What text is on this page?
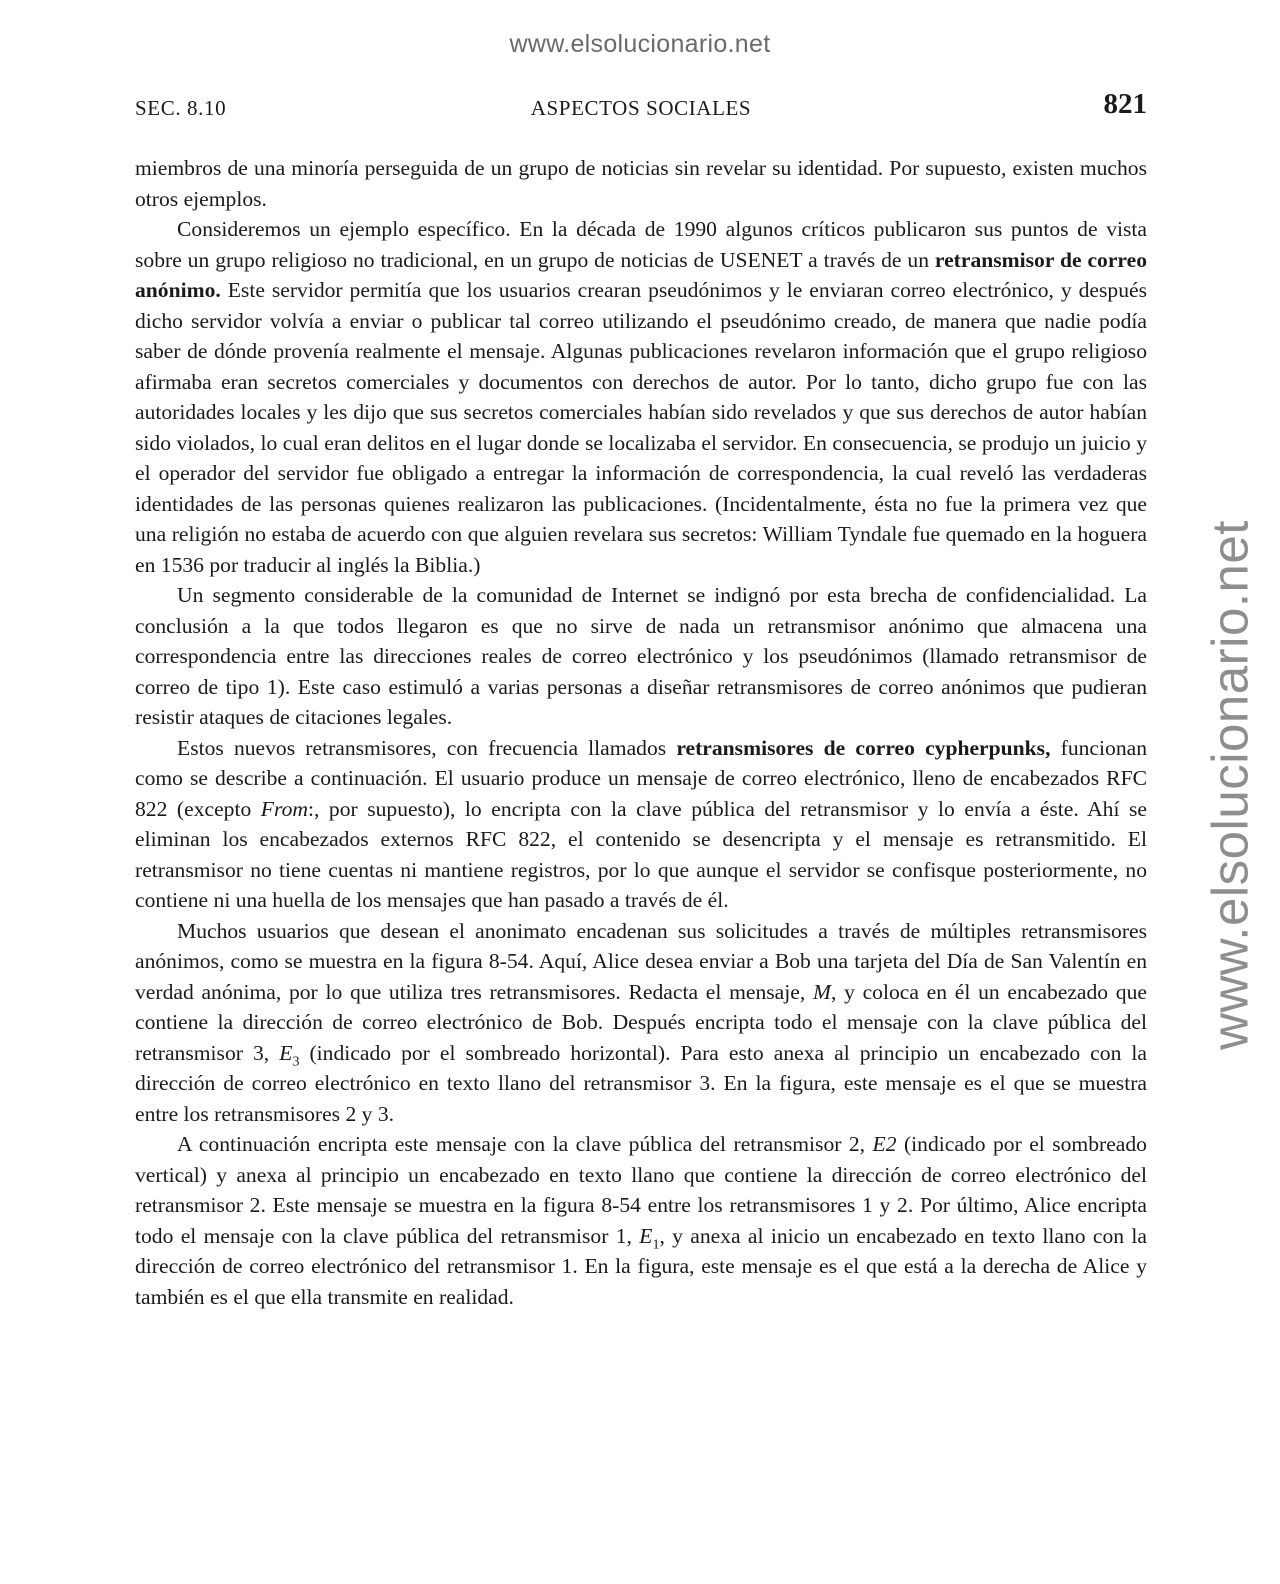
www.elsolucionario.net
www.elsolucionario.net
SEC. 8.10	ASPECTOS SOCIALES	821

miembros de una minoría perseguida de un grupo de noticias sin revelar su identidad. Por supuesto, existen muchos otros ejemplos.

Consideremos un ejemplo específico. En la década de 1990 algunos críticos publicaron sus puntos de vista sobre un grupo religioso no tradicional, en un grupo de noticias de USENET a través de un retransmisor de correo anónimo. Este servidor permitía que los usuarios crearan pseudónimos y le enviaran correo electrónico, y después dicho servidor volvía a enviar o publicar tal correo utilizando el pseudónimo creado, de manera que nadie podía saber de dónde provenía realmente el mensaje. Algunas publicaciones revelaron información que el grupo religioso afirmaba eran secretos comerciales y documentos con derechos de autor. Por lo tanto, dicho grupo fue con las autoridades locales y les dijo que sus secretos comerciales habían sido revelados y que sus derechos de autor habían sido violados, lo cual eran delitos en el lugar donde se localizaba el servidor. En consecuencia, se produjo un juicio y el operador del servidor fue obligado a entregar la información de correspondencia, la cual reveló las verdaderas identidades de las personas quienes realizaron las publicaciones. (Incidentalmente, ésta no fue la primera vez que una religión no estaba de acuerdo con que alguien revelara sus secretos: William Tyndale fue quemado en la hoguera en 1536 por traducir al inglés la Biblia.)

Un segmento considerable de la comunidad de Internet se indignó por esta brecha de confidencialidad. La conclusión a la que todos llegaron es que no sirve de nada un retransmisor anónimo que almacena una correspondencia entre las direcciones reales de correo electrónico y los pseudónimos (llamado retransmisor de correo de tipo 1). Este caso estimuló a varias personas a diseñar retransmisores de correo anónimos que pudieran resistir ataques de citaciones legales.

Estos nuevos retransmisores, con frecuencia llamados retransmisores de correo cypherpunks, funcionan como se describe a continuación. El usuario produce un mensaje de correo electrónico, lleno de encabezados RFC 822 (excepto From:, por supuesto), lo encripta con la clave pública del retransmisor y lo envía a éste. Ahí se eliminan los encabezados externos RFC 822, el contenido se desencripta y el mensaje es retransmitido. El retransmisor no tiene cuentas ni mantiene registros, por lo que aunque el servidor se confisque posteriormente, no contiene ni una huella de los mensajes que han pasado a través de él.

Muchos usuarios que desean el anonimato encadenan sus solicitudes a través de múltiples retransmisores anónimos, como se muestra en la figura 8-54. Aquí, Alice desea enviar a Bob una tarjeta del Día de San Valentín en verdad anónima, por lo que utiliza tres retransmisores. Redacta el mensaje, M, y coloca en él un encabezado que contiene la dirección de correo electrónico de Bob. Después encripta todo el mensaje con la clave pública del retransmisor 3, $E_3$ (indicado por el sombreado horizontal). Para esto anexa al principio un encabezado con la dirección de correo electrónico en texto llano del retransmisor 3. En la figura, este mensaje es el que se muestra entre los retransmisores 2 y 3.

A continuación encripta este mensaje con la clave pública del retransmisor 2, E2 (indicado por el sombreado vertical) y anexa al principio un encabezado en texto llano que contiene la dirección de correo electrónico del retransmisor 2. Este mensaje se muestra en la figura 8-54 entre los retransmisores 1 y 2. Por último, Alice encripta todo el mensaje con la clave pública del retransmisor 1, $E_1$, y anexa al inicio un encabezado en texto llano con la dirección de correo electrónico del retransmisor 1. En la figura, este mensaje es el que está a la derecha de Alice y también es el que ella transmite en realidad.
